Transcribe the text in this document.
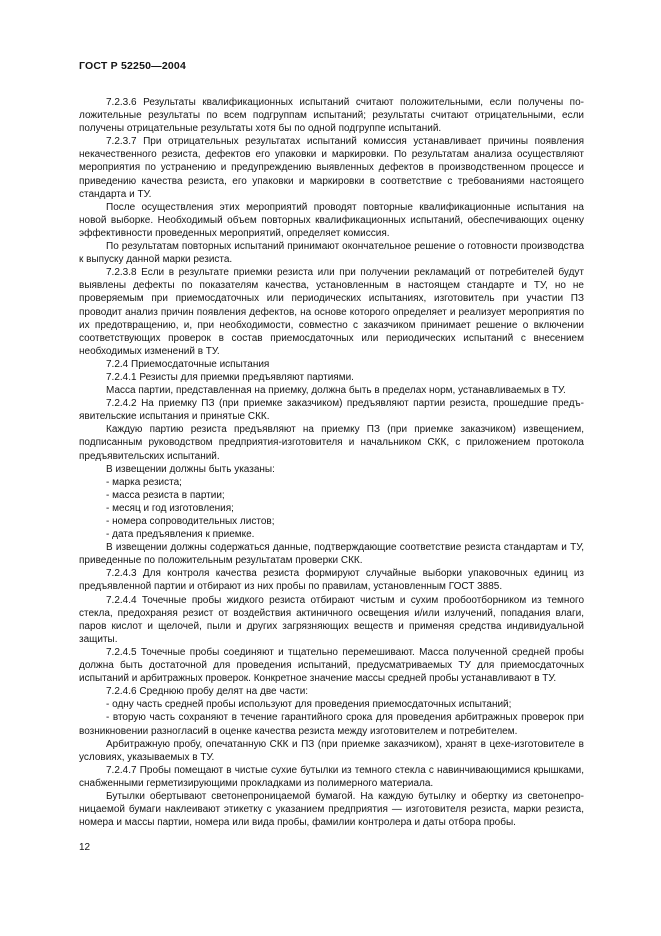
ГОСТ Р 52250—2004

7.2.3.6 Результаты квалификационных испытаний считают положительными, если получены положительные результаты по всем подгруппам испытаний; результаты считают отрицательными, если получены отрицательные результаты хотя бы по одной подгруппе испытаний.

7.2.3.7 При отрицательных результатах испытаний комиссия устанавливает причины появления некачественного резиста, дефектов его упаковки и маркировки. По результатам анализа осуществляют мероприятия по устранению и предупреждению выявленных дефектов в производственном процессе и приведению качества резиста, его упаковки и маркировки в соответствие с требованиями настоящего стандарта и ТУ.

После осуществления этих мероприятий проводят повторные квалификационные испытания на новой выборке. Необходимый объем повторных квалификационных испытаний, обеспечивающих оценку эффективности проведенных мероприятий, определяет комиссия.

По результатам повторных испытаний принимают окончательное решение о готовности производства к выпуску данной марки резиста.

7.2.3.8 Если в результате приемки резиста или при получении рекламаций от потребителей будут выявлены дефекты по показателям качества, установленным в настоящем стандарте и ТУ, но не проверяемым при приемосдаточных или периодических испытаниях, изготовитель при участии ПЗ проводит анализ причин появления дефектов, на основе которого определяет и реализует мероприятия по их предотвращению, и, при необходимости, совместно с заказчиком принимает решение о включении соответствующих проверок в состав приемосдаточных или периодических испытаний с внесением необходимых изменений в ТУ.

7.2.4 Приемосдаточные испытания

7.2.4.1 Резисты для приемки предъявляют партиями.

Масса партии, представленная на приемку, должна быть в пределах норм, устанавливаемых в ТУ.

7.2.4.2 На приемку ПЗ (при приемке заказчиком) предъявляют партии резиста, прошедшие предъявительские испытания и принятые СКК.

Каждую партию резиста предъявляют на приемку ПЗ (при приемке заказчиком) извещением, подписанным руководством предприятия-изготовителя и начальником СКК, с приложением протокола предъявительских испытаний.

В извещении должны быть указаны:

- марка резиста;

- масса резиста в партии;

- месяц и год изготовления;

- номера сопроводительных листов;

- дата предъявления к приемке.

В извещении должны содержаться данные, подтверждающие соответствие резиста стандартам и ТУ, приведенные по положительным результатам проверки СКК.

7.2.4.3 Для контроля качества резиста формируют случайные выборки упаковочных единиц из предъявленной партии и отбирают из них пробы по правилам, установленным ГОСТ 3885.

7.2.4.4 Точечные пробы жидкого резиста отбирают чистым и сухим пробоотборником из темного стекла, предохраняя резист от воздействия актиничного освещения и/или излучений, попадания влаги, паров кислот и щелочей, пыли и других загрязняющих веществ и применяя средства индивидуальной защиты.

7.2.4.5 Точечные пробы соединяют и тщательно перемешивают. Масса полученной средней пробы должна быть достаточной для проведения испытаний, предусматриваемых ТУ для приемосдаточных испытаний и арбитражных проверок. Конкретное значение массы средней пробы устанавливают в ТУ.

7.2.4.6 Среднюю пробу делят на две части:

- одну часть средней пробы используют для проведения приемосдаточных испытаний;

- вторую часть сохраняют в течение гарантийного срока для проведения арбитражных проверок при возникновении разногласий в оценке качества резиста между изготовителем и потребителем.

Арбитражную пробу, опечатанную СКК и ПЗ (при приемке заказчиком), хранят в цехе-изготовителе в условиях, указываемых в ТУ.

7.2.4.7 Пробы помещают в чистые сухие бутылки из темного стекла с навинчивающимися крышками, снабженными герметизирующими прокладками из полимерного материала.

Бутылки обертывают светонепроницаемой бумагой. На каждую бутылку и обертку из светонепроницаемой бумаги наклеивают этикетку с указанием предприятия — изготовителя резиста, марки резиста, номера и массы партии, номера или вида пробы, фамилии контролера и даты отбора пробы.

12
